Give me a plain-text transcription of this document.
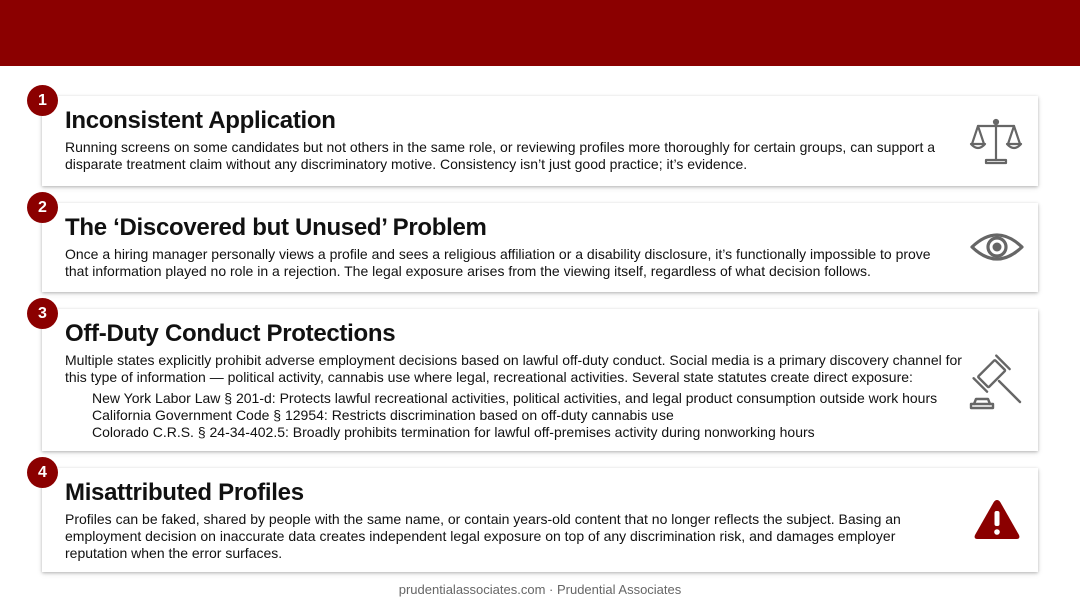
Inconsistent Application

Running screens on some candidates but not others in the same role, or reviewing profiles more thoroughly for certain groups, can support a disparate treatment claim without any discriminatory motive. Consistency isn’t just good practice; it’s evidence.

1
The ‘Discovered but Unused’ Problem

Once a hiring manager personally views a profile and sees a religious affiliation or a disability disclosure, it’s functionally impossible to prove that information played no role in a rejection. The legal exposure arises from the viewing itself, regardless of what decision follows.

2
Off-Duty Conduct Protections

Multiple states explicitly prohibit adverse employment decisions based on lawful off-duty conduct. Social media is a primary discovery channel for this type of information — political activity, cannabis use where legal, recreational activities. Several state statutes create direct exposure:

New York Labor Law § 201-d: Protects lawful recreational activities, political activities, and legal product consumption outside work hours
California Government Code § 12954: Restricts discrimination based on off-duty cannabis use
Colorado C.R.S. § 24-34-402.5: Broadly prohibits termination for lawful off-premises activity during nonworking hours
3
Misattributed Profiles

Profiles can be faked, shared by people with the same name, or contain years-old content that no longer reflects the subject. Basing an employment decision on inaccurate data creates independent legal exposure on top of any discrimination risk, and damages employer reputation when the error surfaces.

4
prudentialassociates.com · Prudential Associates
